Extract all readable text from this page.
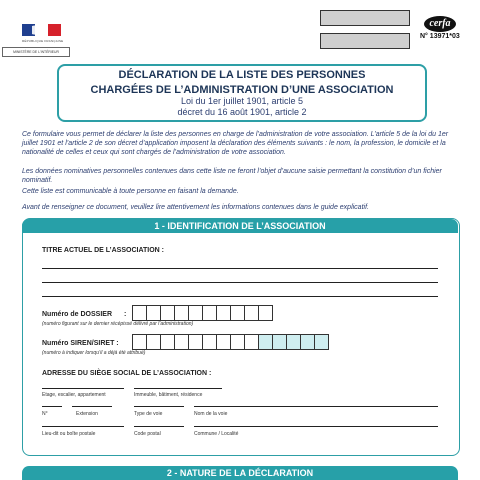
RÉPUBLIQUE FRANÇAISE
MINISTÈRE DE L'INTÉRIEUR
cerfa
N° 13971*03
DÉCLARATION DE LA LISTE DES PERSONNES
CHARGÉES DE L’ADMINISTRATION D’UNE ASSOCIATION
Loi du 1er juillet 1901, article 5
décret du 16 août 1901, article 2
Ce formulaire vous permet de déclarer la liste des personnes en charge de l’administration de votre association. L’article 5 de la loi du 1er juillet 1901 et l’article 2 de son décret d’application imposent la déclaration des éléments suivants : le nom, la profession, le domicile et la nationalité de celles et ceux qui sont chargés de l’administration de votre association.
Les données nominatives personnelles contenues dans cette liste ne feront l’objet d’aucune saisie permettant la constitution d’un fichier nominatif.
Cette liste est communicable à toute personne en faisant la demande.
Avant de renseigner ce document, veuillez lire attentivement les informations contenues dans le guide explicatif.
1 - IDENTIFICATION DE L’ASSOCIATION
TITRE ACTUEL DE L’ASSOCIATION :
Numéro de DOSSIER :
(numéro figurant sur le dernier récépissé délivré par l’administration)
Numéro SIREN/SIRET :
(numéro à indiquer lorsqu’il a déjà été attribué)
ADRESSE DU SIÈGE SOCIAL DE L’ASSOCIATION :
Etage, escalier, appartement	Immeuble, bâtiment, résidence
N°	Extension	Type de voie	Nom de la voie
Lieu-dit ou boîte postale	Code postal	Commune / Localité
2 - NATURE DE LA DÉCLARATION
